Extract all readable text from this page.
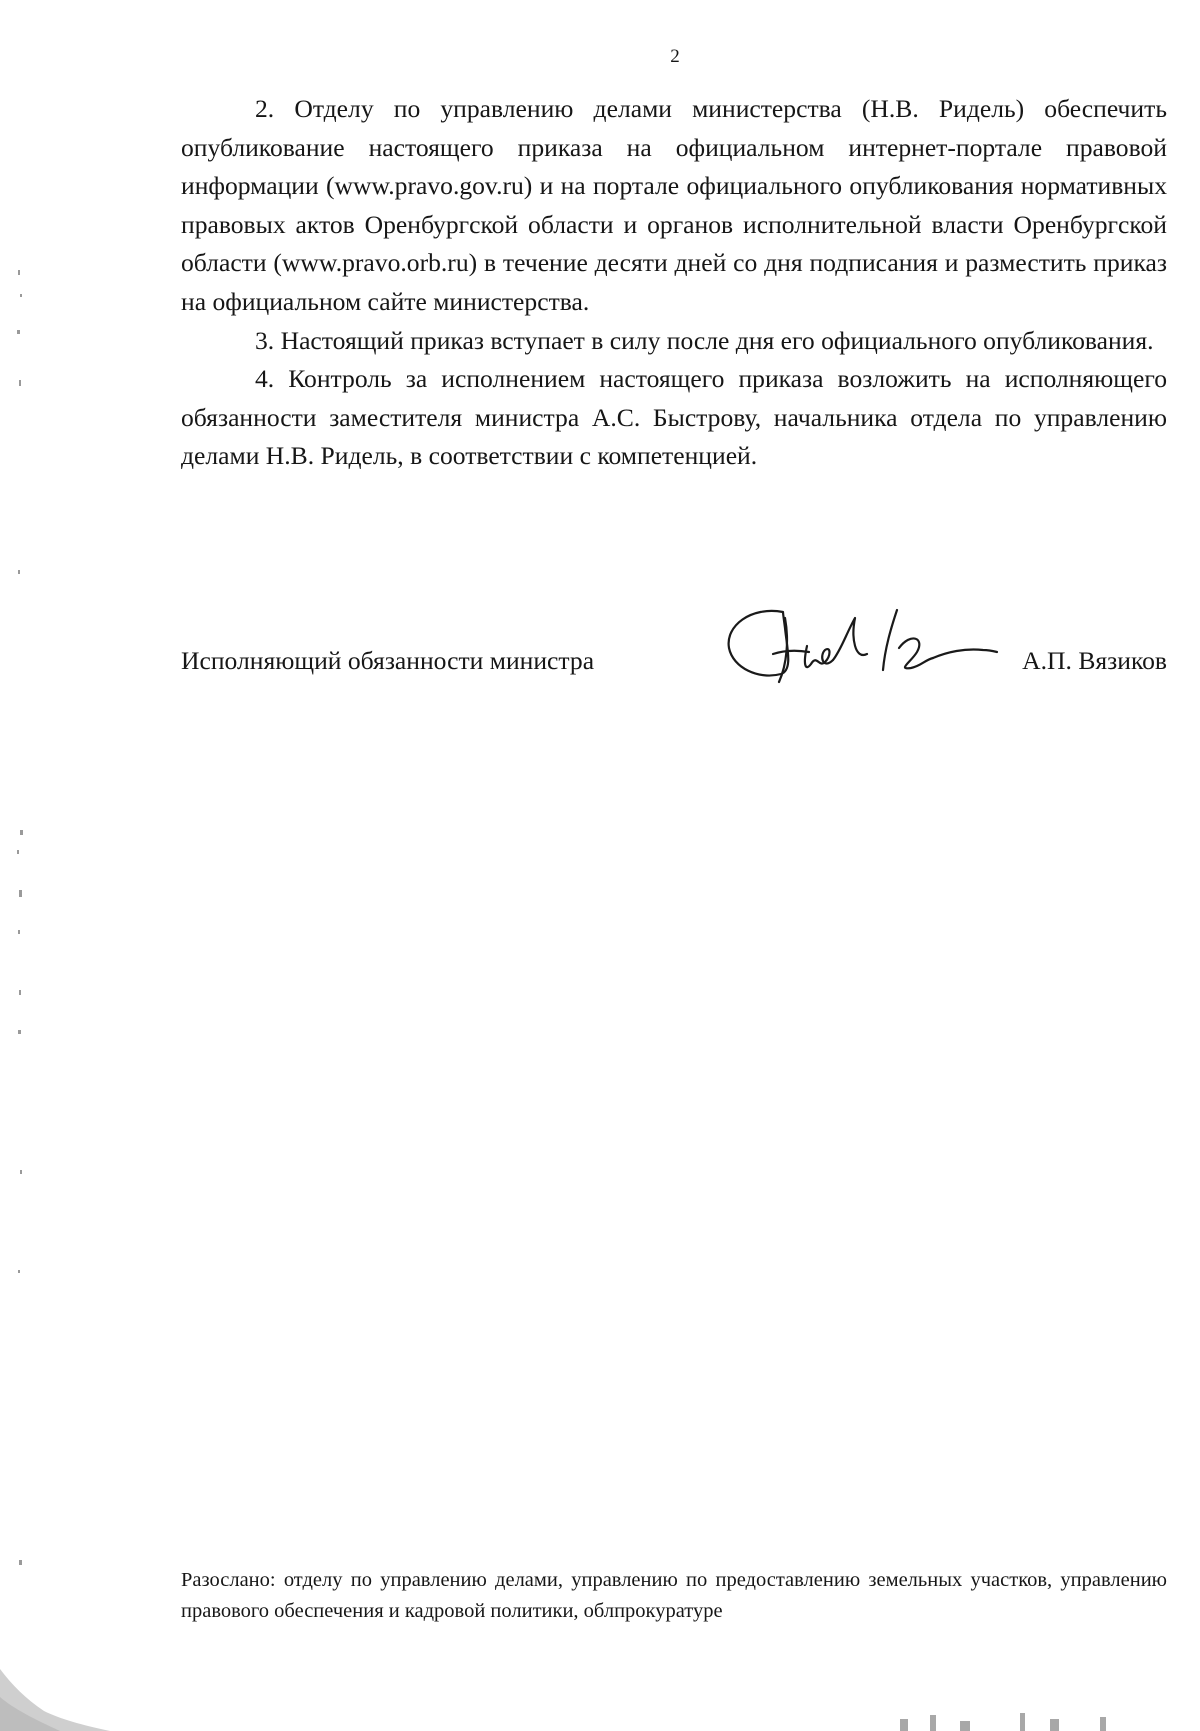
2

2. Отделу по управлению делами министерства (Н.В. Ридель) обеспечить опубликование настоящего приказа на официальном интернет-портале правовой информации (www.pravo.gov.ru) и на портале официального опубликования нормативных правовых актов Оренбургской области и органов исполнительной власти Оренбургской области (www.pravo.orb.ru) в течение десяти дней со дня подписания и разместить приказ на официальном сайте министерства.

3. Настоящий приказ вступает в силу после дня его официального опубликования.

4. Контроль за исполнением настоящего приказа возложить на исполняющего обязанности заместителя министра А.С. Быстрову, начальника отдела по управлению делами Н.В. Ридель, в соответствии с компетенцией.

Исполняющий обязанности министра	А.П. Вязиков

Разослано: отделу по управлению делами, управлению по предоставлению земельных участков, управлению правового обеспечения и кадровой политики, облпрокуратуре
